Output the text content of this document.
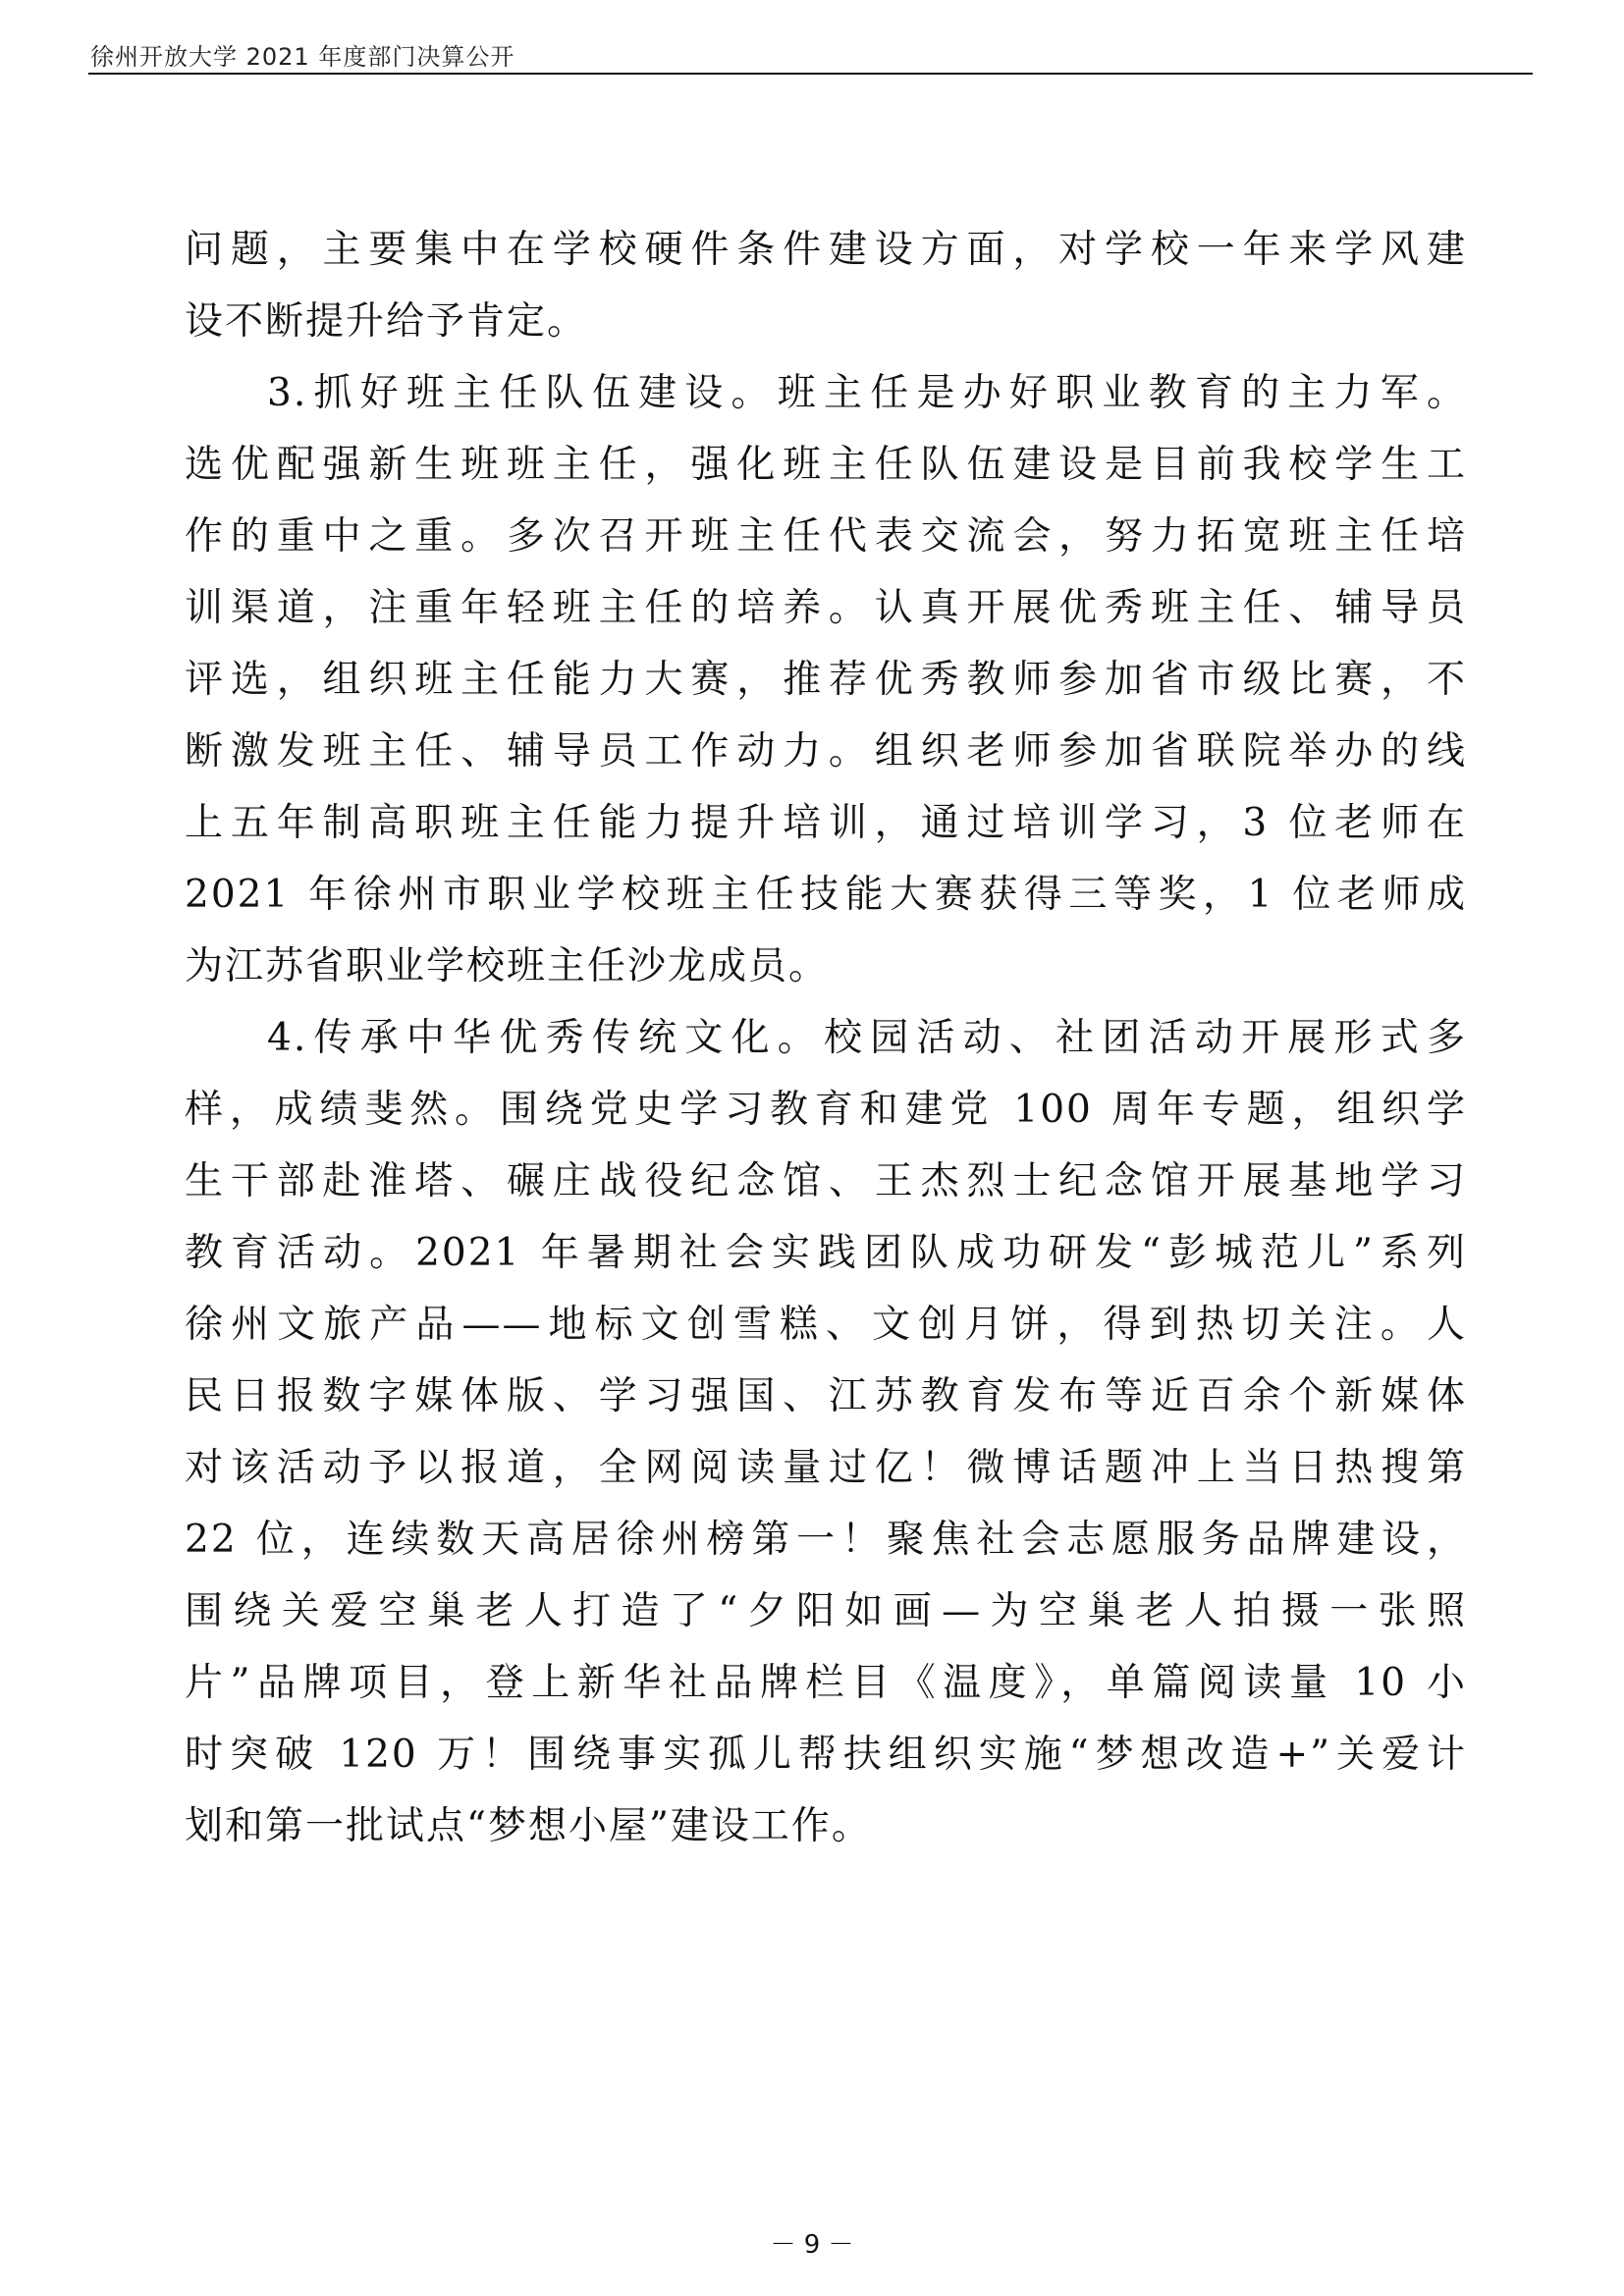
徐州开放大学 2021 年度部门决算公开
问题，主要集中在学校硬件条件建设方面，对学校一年来学风建
设不断提升给予肯定。
3.抓好班主任队伍建设。班主任是办好职业教育的主力军。
选优配强新生班班主任，强化班主任队伍建设是目前我校学生工
作的重中之重。多次召开班主任代表交流会，努力拓宽班主任培
训渠道，注重年轻班主任的培养。认真开展优秀班主任、辅导员
评选，组织班主任能力大赛，推荐优秀教师参加省市级比赛，不
断激发班主任、辅导员工作动力。组织老师参加省联院举办的线
上五年制高职班主任能力提升培训，通过培训学习，3 位老师在
2021 年徐州市职业学校班主任技能大赛获得三等奖，1 位老师成
为江苏省职业学校班主任沙龙成员。
4.传承中华优秀传统文化。校园活动、社团活动开展形式多
样，成绩斐然。围绕党史学习教育和建党 100 周年专题，组织学
生干部赴淮塔、碾庄战役纪念馆、王杰烈士纪念馆开展基地学习
教育活动。2021 年暑期社会实践团队成功研发“彭城范儿”系列
徐州文旅产品——地标文创雪糕、文创月饼，得到热切关注。人
民日报数字媒体版、学习强国、江苏教育发布等近百余个新媒体
对该活动予以报道，全网阅读量过亿！微博话题冲上当日热搜第
22 位，连续数天高居徐州榜第一！聚焦社会志愿服务品牌建设，
围绕关爱空巢老人打造了“夕阳如画—为空巢老人拍摄一张照
片”品牌项目，登上新华社品牌栏目《温度》，单篇阅读量 10 小
时突破 120 万！围绕事实孤儿帮扶组织实施“梦想改造+”关爱计
划和第一批试点“梦想小屋”建设工作。
－ 9 －
